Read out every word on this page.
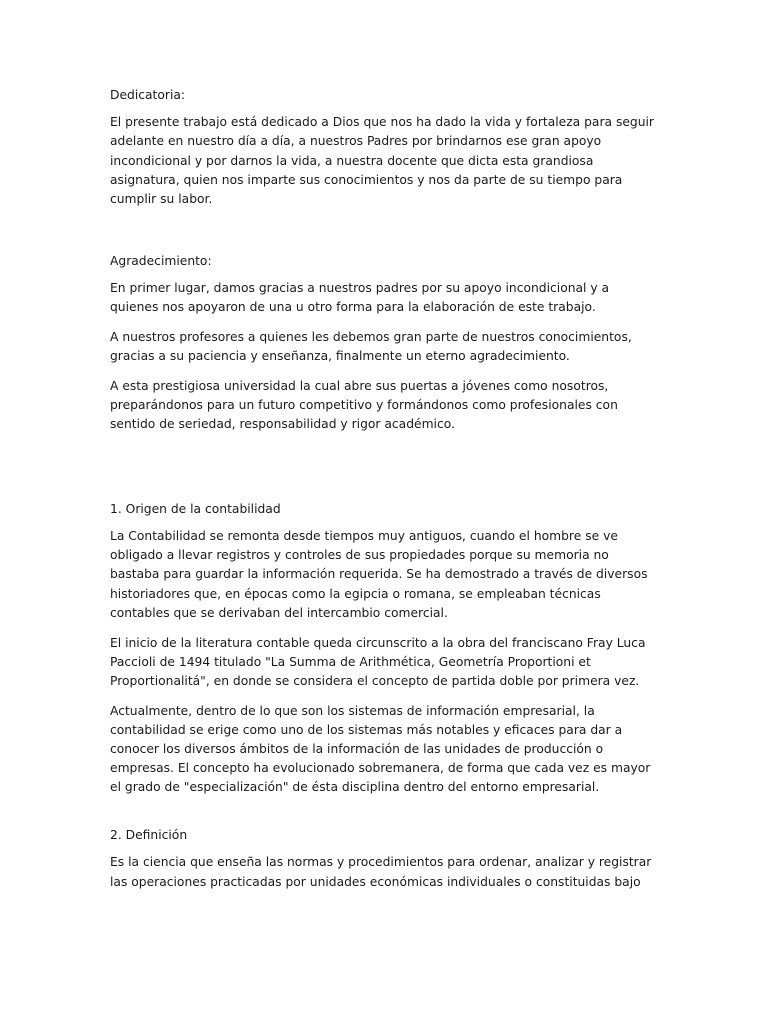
Dedicatoria:

El presente trabajo está dedicado a Dios que nos ha dado la vida y fortaleza para seguir
adelante en nuestro día a día, a nuestros Padres por brindarnos ese gran apoyo
incondicional y por darnos la vida, a nuestra docente que dicta esta grandiosa
asignatura, quien nos imparte sus conocimientos y nos da parte de su tiempo para
cumplir su labor.

Agradecimiento:

En primer lugar, damos gracias a nuestros padres por su apoyo incondicional y a
quienes nos apoyaron de una u otro forma para la elaboración de este trabajo.

A nuestros profesores a quienes les debemos gran parte de nuestros conocimientos,
gracias a su paciencia y enseñanza, finalmente un eterno agradecimiento.

A esta prestigiosa universidad la cual abre sus puertas a jóvenes como nosotros,
preparándonos para un futuro competitivo y formándonos como profesionales con
sentido de seriedad, responsabilidad y rigor académico.

1. Origen de la contabilidad

La Contabilidad se remonta desde tiempos muy antiguos, cuando el hombre se ve
obligado a llevar registros y controles de sus propiedades porque su memoria no
bastaba para guardar la información requerida. Se ha demostrado a través de diversos
historiadores que, en épocas como la egipcia o romana, se empleaban técnicas
contables que se derivaban del intercambio comercial.

El inicio de la literatura contable queda circunscrito a la obra del franciscano Fray Luca
Paccioli de 1494 titulado "La Summa de Arithmética, Geometría Proportioni et
Proportionalitá", en donde se considera el concepto de partida doble por primera vez.

Actualmente, dentro de lo que son los sistemas de información empresarial, la
contabilidad se erige como uno de los sistemas más notables y eficaces para dar a
conocer los diversos ámbitos de la información de las unidades de producción o
empresas. El concepto ha evolucionado sobremanera, de forma que cada vez es mayor
el grado de "especialización" de ésta disciplina dentro del entorno empresarial.

2. Definición

Es la ciencia que enseña las normas y procedimientos para ordenar, analizar y registrar
las operaciones practicadas por unidades económicas individuales o constituidas bajo
